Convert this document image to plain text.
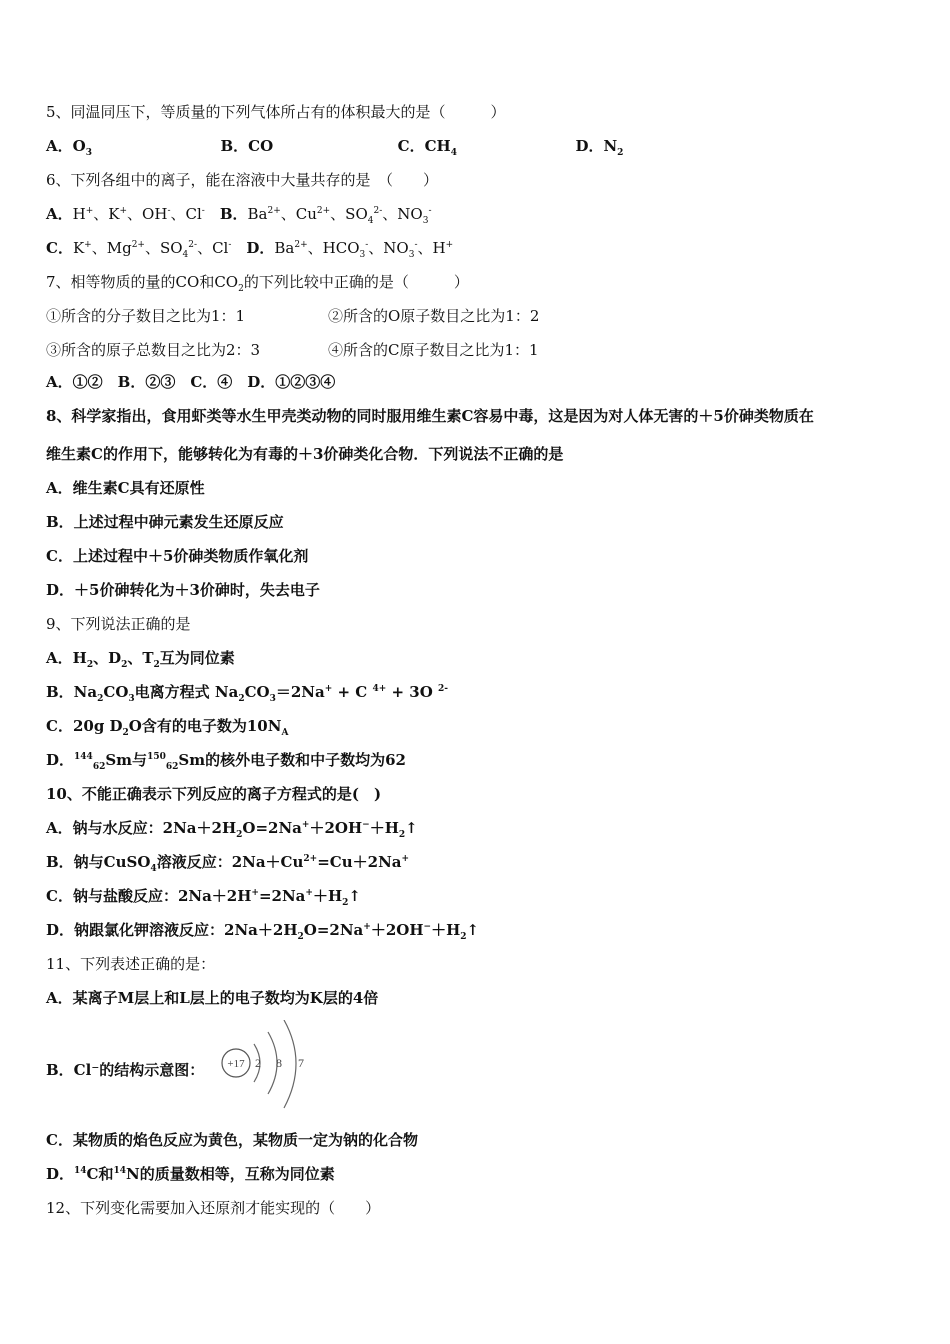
5、同温同压下，等质量的下列气体所占有的体积最大的是（　　　）
A．$O_3$	B．CO	C．$CH_4$	D．$N_2$
6、下列各组中的离子，能在溶液中大量共存的是　（　　）
A．H+、K+、OH-、Cl-　B．$Ba^{2+}$、$Cu^{2+}$、$SO_4^{2-}$、$NO_3^-$
C．K+、$Mg^{2+}$、$SO_4^{2-}$、Cl-　D．$Ba^{2+}$、$HCO_3^-$、$NO_3^-$、H+
7、相等物质的量的CO和$CO_2$的下列比较中正确的是（　　　）
①所含的分子数目之比为1：1	②所含的O原子数目之比为1：2
③所含的原子总数目之比为2：3	④所含的C原子数目之比为1：1
A．①②　B．②③　C．④　D．①②③④
8、科学家指出，食用虾类等水生甲壳类动物的同时服用维生素C容易中毒，这是因为对人体无害的＋5价砷类物质在
维生素C的作用下，能够转化为有毒的＋3价砷类化合物．下列说法不正确的是
A．维生素C具有还原性
B．上述过程中砷元素发生还原反应
C．上述过程中＋5价砷类物质作氧化剂
D．＋5价砷转化为＋3价砷时，失去电子
9、下列说法正确的是
A．$H_2$、$D_2$、$T_2$互为同位素
B．$Na_2CO_3$电离方程式 $Na_2CO_3=2Na^+ + C$ $^{4+}$ + 3O $^{2-}$
C．20g $D_2O$含有的电子数为$10N_A$
D．$^{144}_{62}$Sm与$^{150}_{62}$Sm的核外电子数和中子数均为62
10、不能正确表示下列反应的离子方程式的是(　)
A．钠与水反应：$2Na+2H_2O=2Na^++2OH^-+H_2↑$
B．钠与CuSO$_4$溶液反应：$2Na+Cu^{2+}=Cu+2Na^+$
C．钠与盐酸反应：$2Na+2H^+=2Na^++H_2↑$
D．钠跟氯化钾溶液反应：$2Na+2H_2O=2Na^++2OH^-+H_2↑$
11、下列表述正确的是：
A．某离子M层上和L层上的电子数均为K层的4倍
B．Cl⁻的结构示意图： +17 2 8 7
C．某物质的焰色反应为黄色，某物质一定为钠的化合物
D．$^{14}$C和$^{14}$N的质量数相等，互称为同位素
12、下列变化需要加入还原剂才能实现的（　　）
